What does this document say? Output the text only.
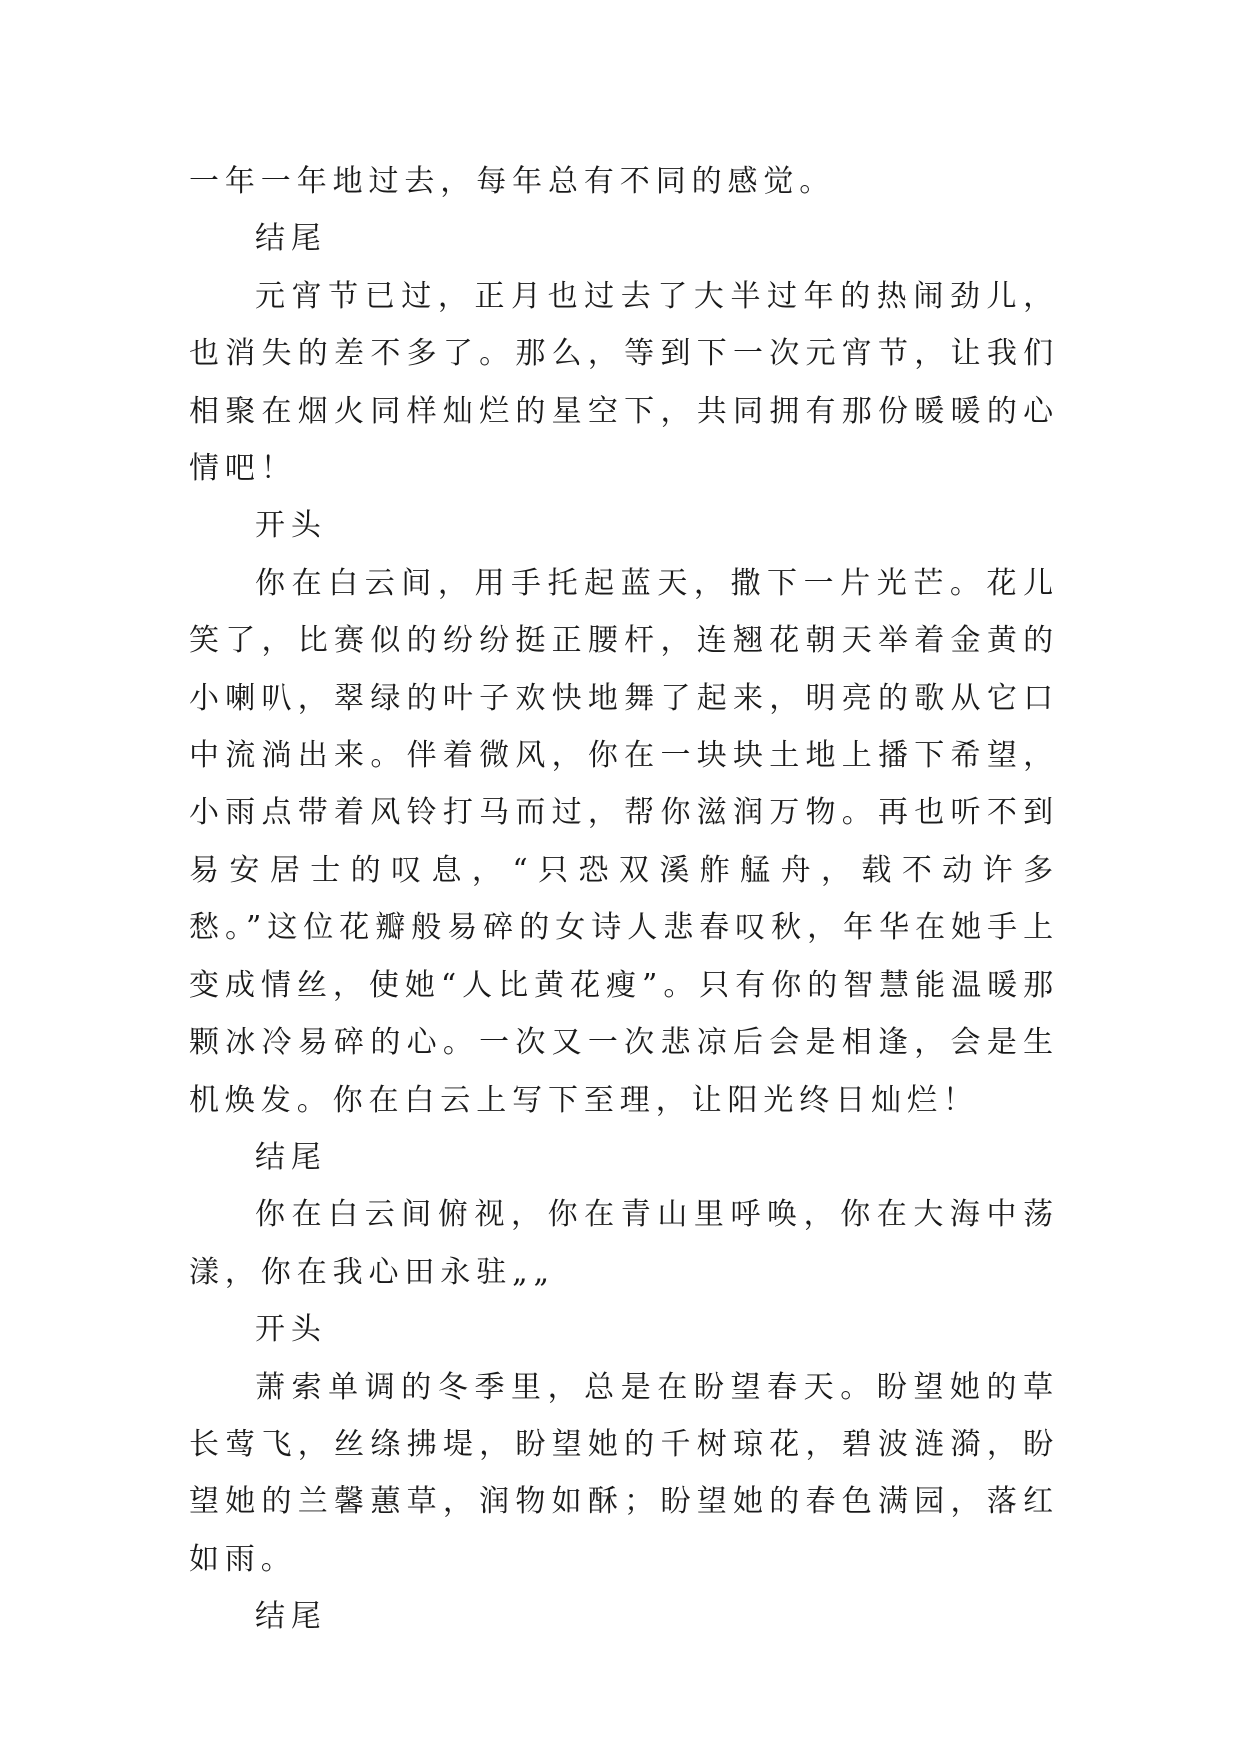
一年一年地过去，每年总有不同的感觉。

结尾

元宵节已过，正月也过去了大半过年的热闹劲儿，也消失的差不多了。那么，等到下一次元宵节，让我们相聚在烟火同样灿烂的星空下，共同拥有那份暖暖的心情吧！

开头

你在白云间，用手托起蓝天，撒下一片光芒。花儿笑了，比赛似的纷纷挺正腰杆，连翘花朝天举着金黄的小喇叭，翠绿的叶子欢快地舞了起来，明亮的歌从它口中流淌出来。伴着微风，你在一块块土地上播下希望，小雨点带着风铃打马而过，帮你滋润万物。再也听不到易安居士的叹息，“只恐双溪舴艋舟，载不动许多愁。”这位花瓣般易碎的女诗人悲春叹秋，年华在她手上变成情丝，使她“人比黄花瘦”。只有你的智慧能温暖那颗冰冷易碎的心。一次又一次悲凉后会是相逢，会是生机焕发。你在白云上写下至理，让阳光终日灿烂！

结尾

你在白云间俯视，你在青山里呼唤，你在大海中荡漾，你在我心田永驻„„

开头

萧索单调的冬季里，总是在盼望春天。盼望她的草长莺飞，丝绦拂堤，盼望她的千树琼花，碧波涟漪，盼望她的兰馨蕙草，润物如酥；盼望她的春色满园，落红如雨。

结尾
